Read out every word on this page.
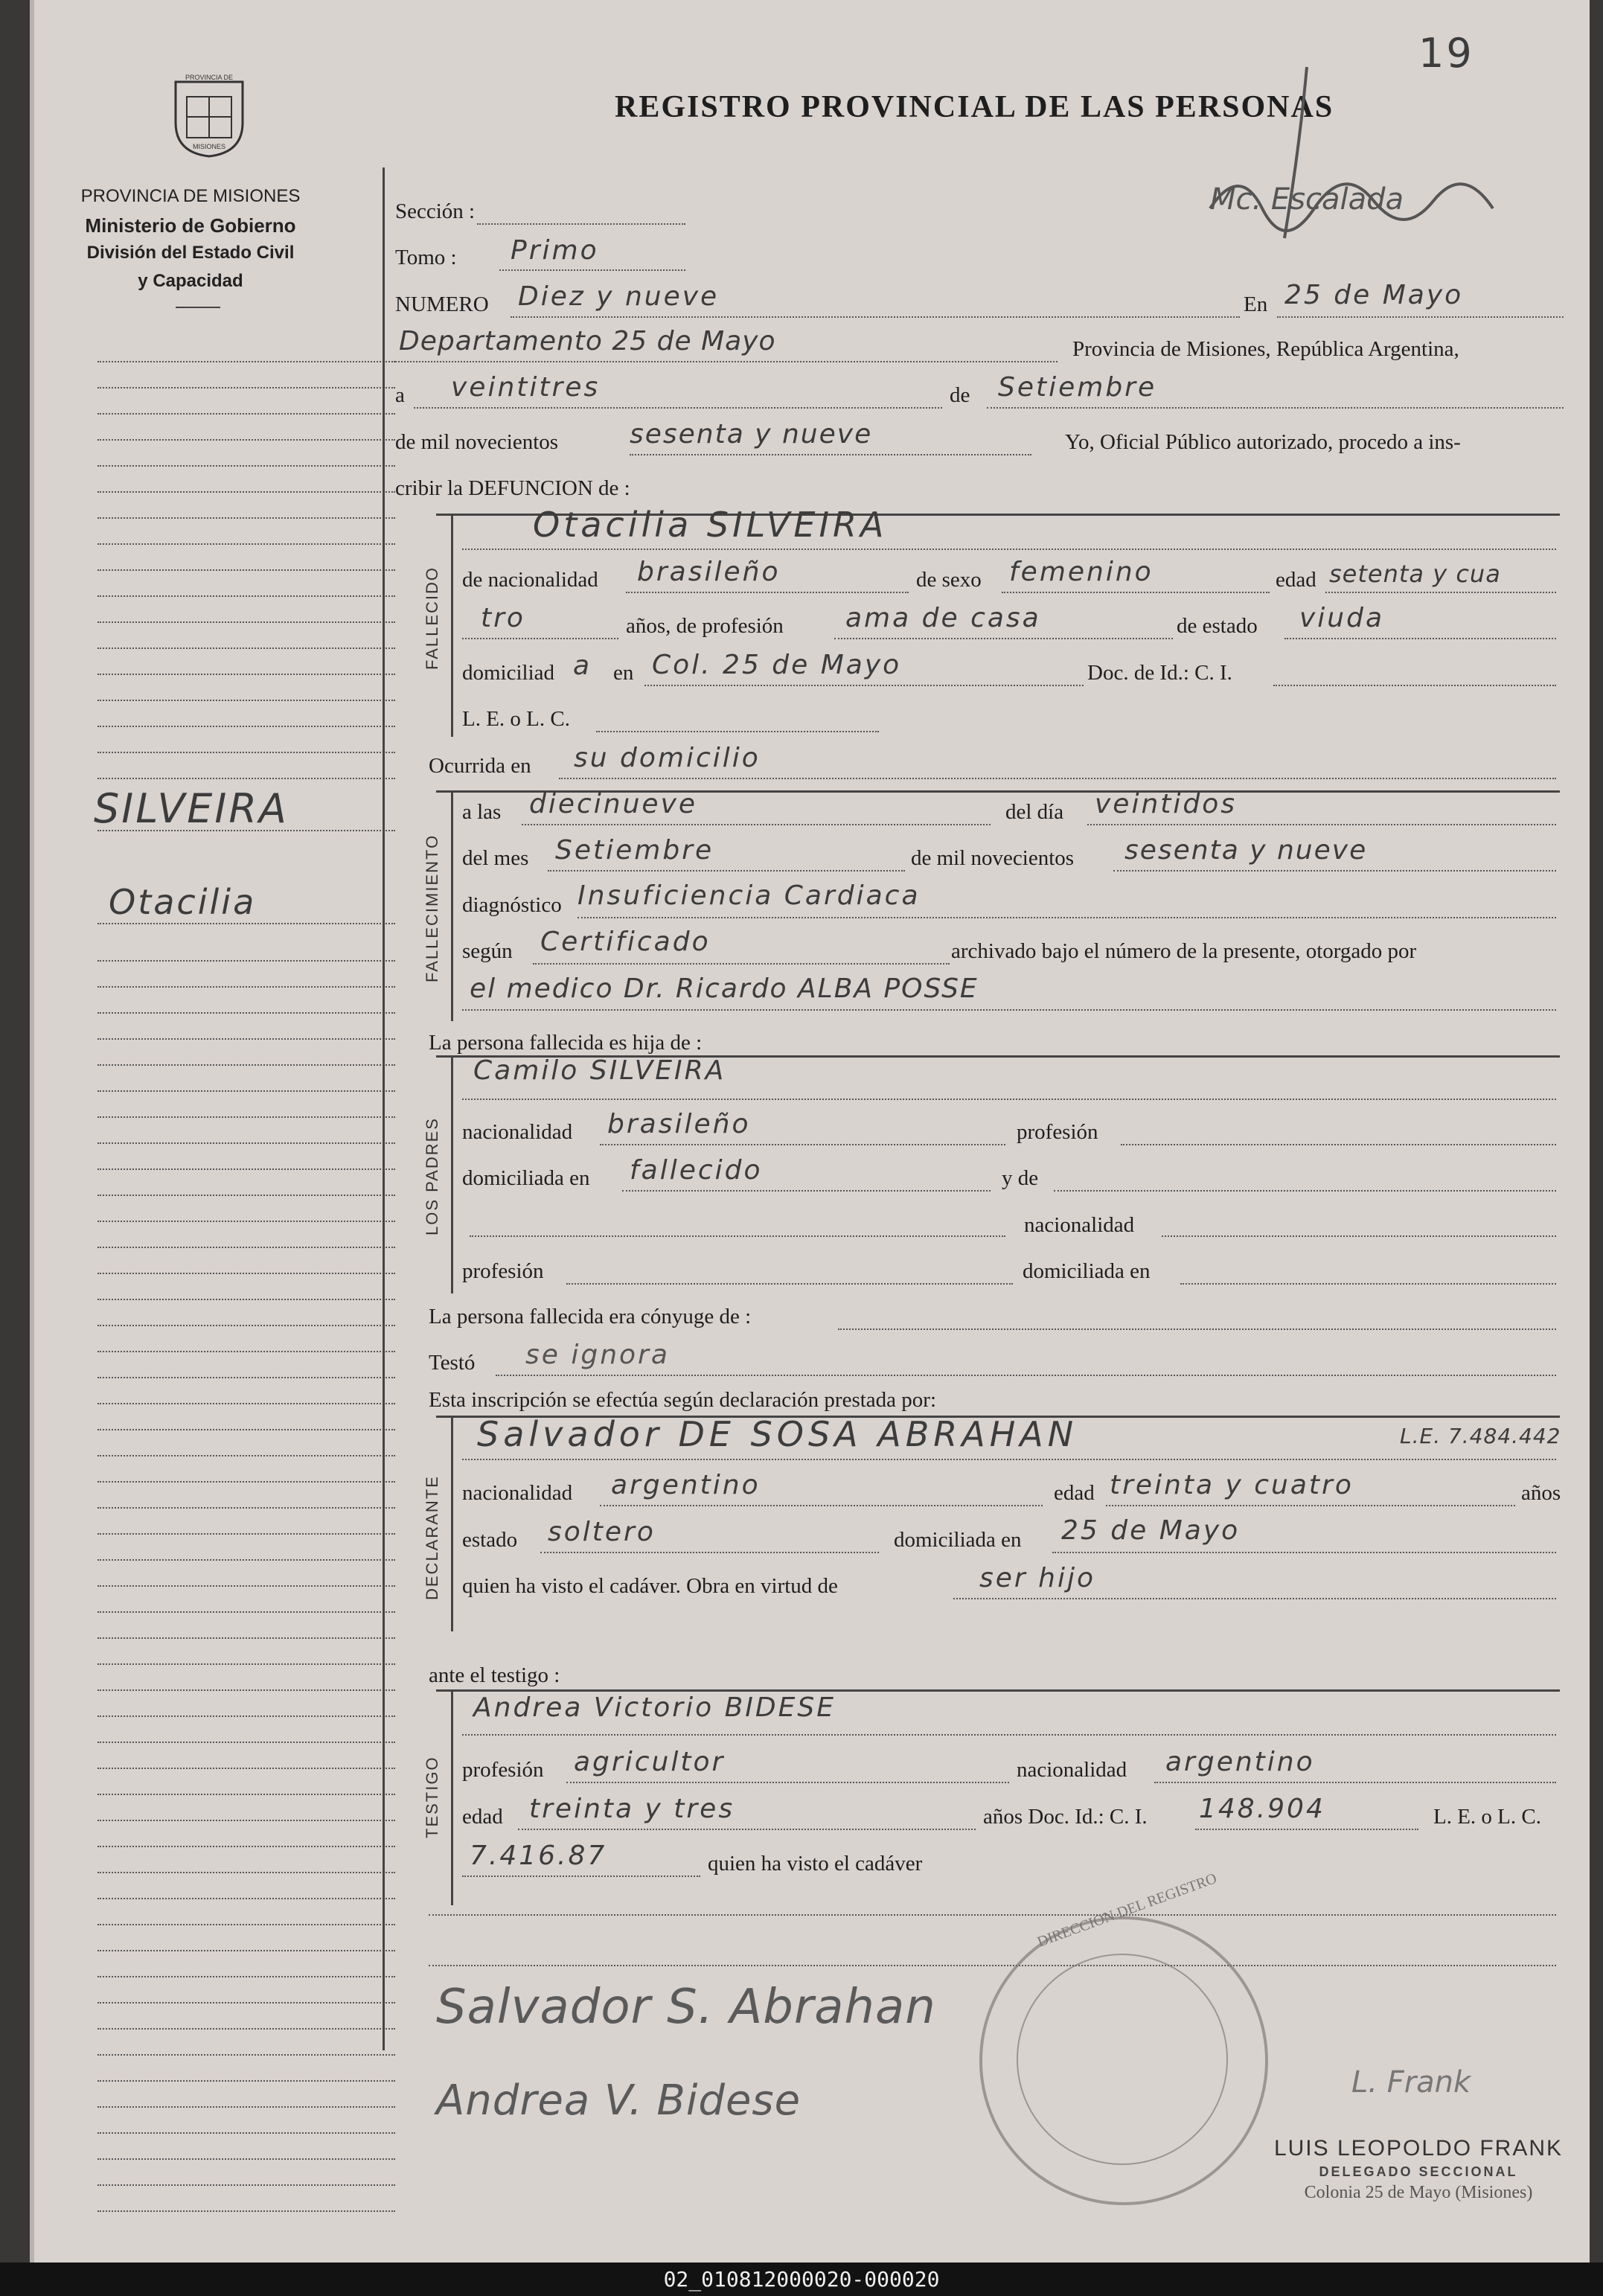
19
PROVINCIA DE
MISIONES
PROVINCIA DE MISIONES
Ministerio de Gobierno
División del Estado Civil
y Capacidad
REGISTRO PROVINCIAL DE LAS PERSONAS
Mc. Escalada
SILVEIRA
Otacilia
Sección :
Tomo : Primo
NUMERO Diez y nueve	En 25 de Mayo
Departamento 25 de Mayo	Provincia de Misiones, República Argentina,
a veintitres	de Setiembre
de mil novecientos	sesenta y nueve	Yo, Oficial Público autorizado, procedo a ins-
cribir la DEFUNCION de :
FALLECIDO
Otacilia SILVEIRA
de nacionalidad brasileño	de sexo femenino	edad setenta y cua
tro	años, de profesión ama de casa	de estado viuda
domiciliad a en Col. 25 de Mayo	Doc. de Id.: C. I.
L. E. o L. C.
Ocurrida en su domicilio
FALLECIMIENTO
a las diecinueve	del día veintidos
del mes Setiembre	de mil novecientos sesenta y nueve
diagnóstico Insuficiencia Cardiaca
según Certificado	archivado bajo el número de la presente, otorgado por
el medico Dr. Ricardo ALBA POSSE
La persona fallecida es hija de :
LOS PADRES
Camilo SILVEIRA
nacionalidad brasileño	profesión
domiciliada en fallecido	y de
nacionalidad
profesión	domiciliada en
La persona fallecida era cónyuge de :
Testó se ignora
Esta inscripción se efectúa según declaración prestada por:
DECLARANTE
Salvador DE SOSA ABRAHAN	L.E. 7.484.442
nacionalidad argentino	edad treinta y cuatro	años
estado soltero	domiciliada en 25 de Mayo
quien ha visto el cadáver. Obra en virtud de	ser hijo
ante el testigo :
TESTIGO
Andrea Victorio BIDESE
profesión agricultor	nacionalidad argentino
edad treinta y tres	años Doc. Id.: C. I. 148.904	L. E. o L. C.
7.416.87	quien ha visto el cadáver
Salvador S. Abrahan
Andrea V. Bidese	L. Frank
DIRECCION DEL REGISTRO
LUIS LEOPOLDO FRANK
DELEGADO SECCIONAL
Colonia 25 de Mayo (Misiones)
02_010812000020-000020
